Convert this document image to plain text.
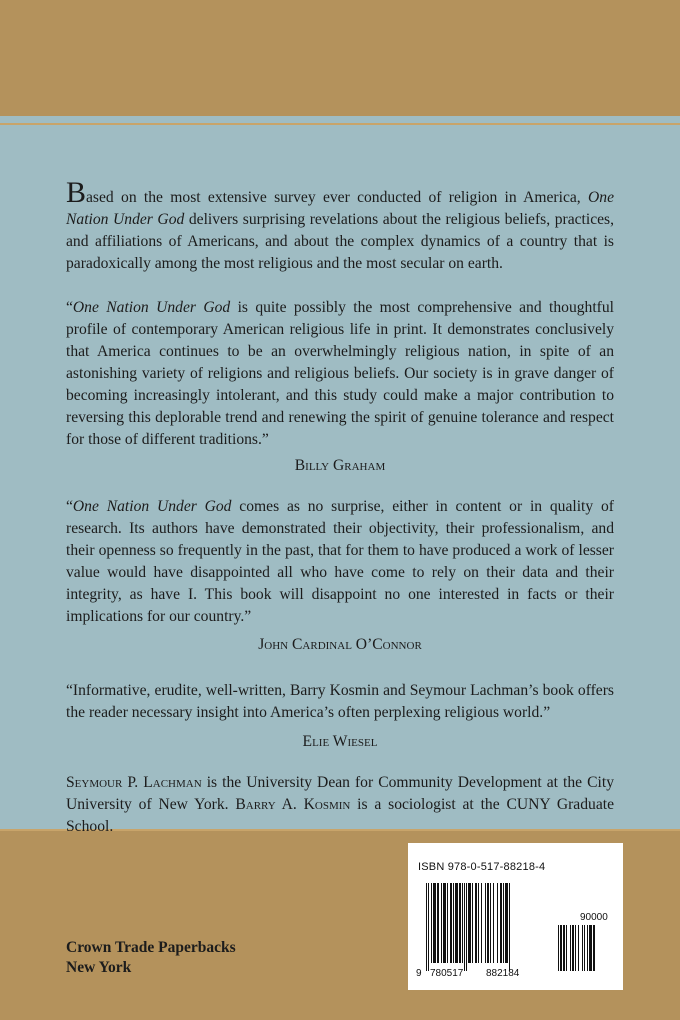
Based on the most extensive survey ever conducted of religion in America, One Nation Under God delivers surprising revelations about the religious beliefs, practices, and affiliations of Americans, and about the complex dynamics of a country that is paradoxically among the most religious and the most secular on earth.

“One Nation Under God is quite possibly the most comprehensive and thoughtful profile of contemporary American religious life in print. It demonstrates conclusively that America continues to be an overwhelmingly religious nation, in spite of an astonishing variety of religions and religious beliefs. Our society is in grave danger of becoming increasingly intolerant, and this study could make a major contribution to reversing this deplorable trend and renewing the spirit of genuine tolerance and respect for those of different traditions.”

Billy Graham

“One Nation Under God comes as no surprise, either in content or in quality of research. Its authors have demonstrated their objectivity, their professionalism, and their openness so frequently in the past, that for them to have produced a work of lesser value would have disappointed all who have come to rely on their data and their integrity, as have I. This book will disappoint no one interested in facts or their implications for our country.”

John Cardinal O’Connor

“Informative, erudite, well-written, Barry Kosmin and Seymour Lachman’s book offers the reader necessary insight into America’s often perplexing religious world.”

Elie Wiesel

Seymour P. Lachman is the University Dean for Community Development at the City University of New York. Barry A. Kosmin is a sociologist at the CUNY Graduate School.

ISBN 978-0-517-88218-4
9 780517 882184
90000
Crown Trade Paperbacks
New York
